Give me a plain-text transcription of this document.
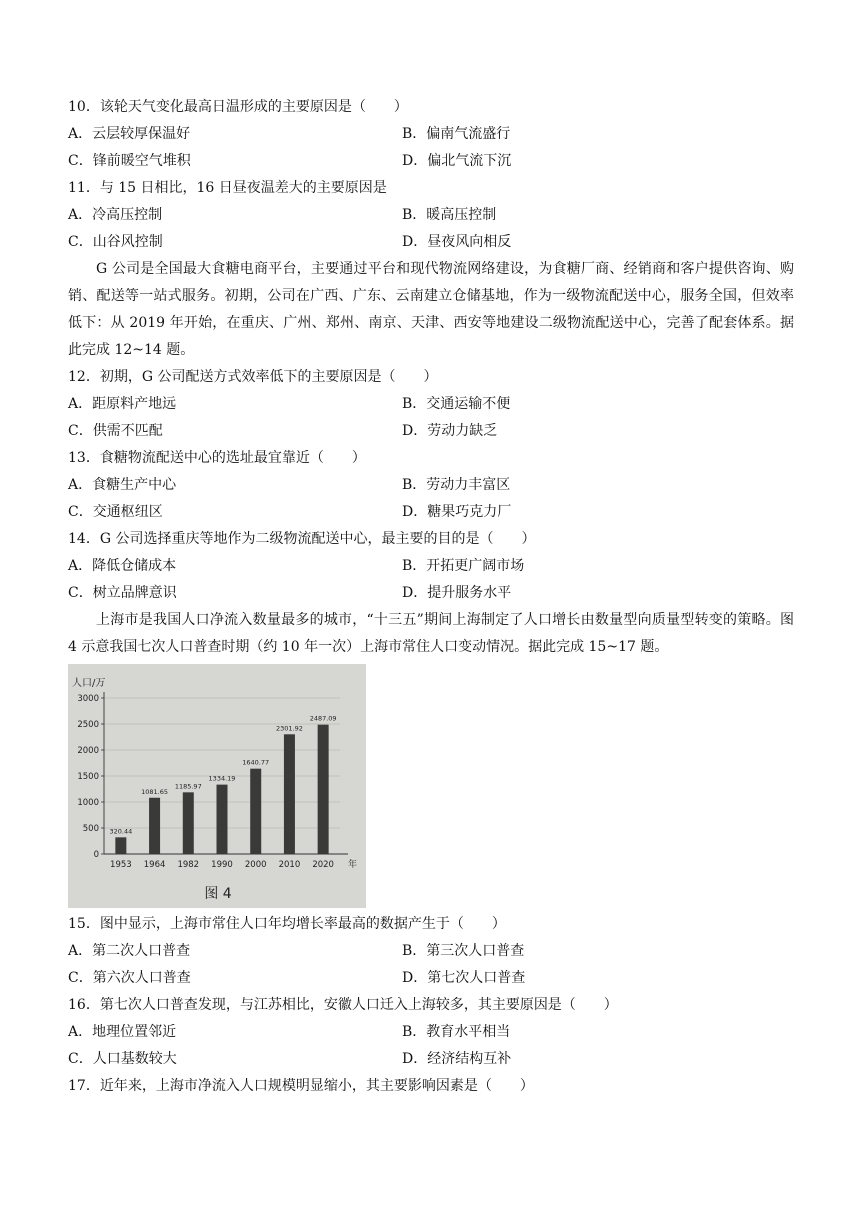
10．该轮天气变化最高日温形成的主要原因是（　　）
A．云层较厚保温好	B．偏南气流盛行
C．锋前暖空气堆积	D．偏北气流下沉
11．与 15 日相比，16 日昼夜温差大的主要原因是
A．冷高压控制	B．暖高压控制
C．山谷风控制	D．昼夜风向相反
G 公司是全国最大食糖电商平台，主要通过平台和现代物流网络建设，为食糖厂商、经销商和客户提供咨询、购销、配送等一站式服务。初期，公司在广西、广东、云南建立仓储基地，作为一级物流配送中心，服务全国，但效率低下：从 2019 年开始，在重庆、广州、郑州、南京、天津、西安等地建设二级物流配送中心，完善了配套体系。据此完成 12~14 题。
12．初期，G 公司配送方式效率低下的主要原因是（　　）
A．距原料产地远	B．交通运输不便
C．供需不匹配	D．劳动力缺乏
13．食糖物流配送中心的选址最宜靠近（　　）
A．食糖生产中心	B．劳动力丰富区
C．交通枢纽区	D．糖果巧克力厂
14．G 公司选择重庆等地作为二级物流配送中心，最主要的目的是（　　）
A．降低仓储成本	B．开拓更广阔市场
C．树立品牌意识	D．提升服务水平
上海市是我国人口净流入数量最多的城市，“十三五”期间上海制定了人口增长由数量型向质量型转变的策略。图 4 示意我国七次人口普查时期（约 10 年一次）上海市常住人口变动情况。据此完成 15~17 题。
人口/万
0
500
1000
1500
2000
2500
3000
320.44
1953
1081.65
1964
1185.97
1982
1334.19
1990
1640.77
2000
2301.92
2010
2487.09
2020 年
图 4
15．图中显示，上海市常住人口年均增长率最高的数据产生于（　　）
A．第二次人口普查	B．第三次人口普查
C．第六次人口普查	D．第七次人口普查
16．第七次人口普查发现，与江苏相比，安徽人口迁入上海较多，其主要原因是（　　）
A．地理位置邻近	B．教育水平相当
C．人口基数较大	D．经济结构互补
17．近年来，上海市净流入人口规模明显缩小，其主要影响因素是（　　）
